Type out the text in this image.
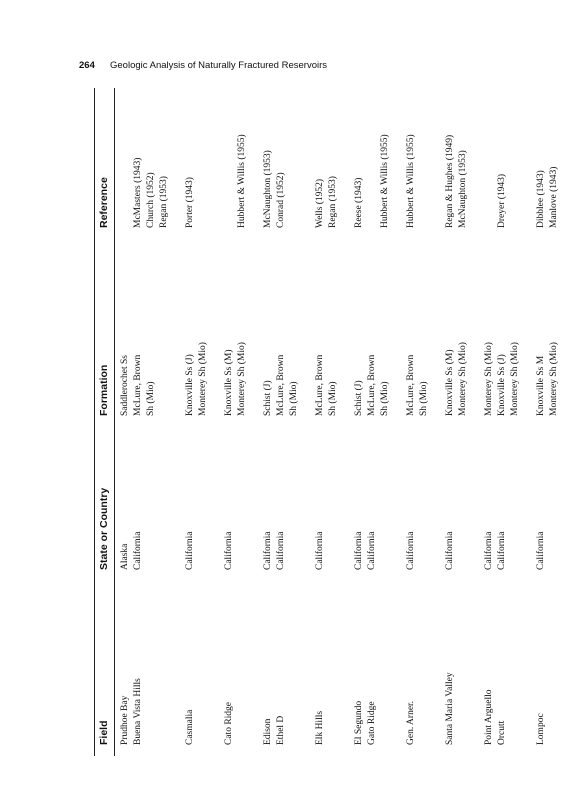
264 Geologic Analysis of Naturally Fractured Reservoirs
Field
State or Country
Formation
Reference
Prudhoe Bay
Alaska
Saddlerochet Ss
Buena Vista Hills
California
McLure, Brown
McMasters (1943)
Sh (Mio)
Church (1952) Regan (1953)
Casmalia
California
Knoxville Ss (J)
Porter (1943)
Monterey Sh (Mio)
Cato Ridge
California
Knoxville Ss (M) Monterey Sh (Mio)
Hubbert & Willis (1955)
Edison
California
Schist (J)
McNaughton (1953)
Ethel D
California
McLure, Brown
Conrad (1952)
Sh (Mio)
Elk Hills
California
McLure, Brown
Wells (1952)
Sh (Mio)
Regan (1953)
El Segundo
California
Schist (J)
Reese (1943)
Gato Ridge
California
McLure, Brown Sh (Mio)
Hubbert & Willis (1955)
Gen. Arner.
California
McLure, Brown
Hubbert & Willis (1955)
Sh (Mio)
Santa Maria Valley
California
Knoxville Ss (M)
Regan & Hughes (1949)
Monterey Sh (Mio)
McNaughton (1953)
Point Arguello
California
Monterey Sh (Mio)
Orcutt
California
Knoxville Ss (J)
Dreyer (1943)
Monterey Sh (Mio)
Lompoc
California
Knoxville Ss M
Dibblee (1943)
Monterey Sh (Mio)
Manlove (1943)
